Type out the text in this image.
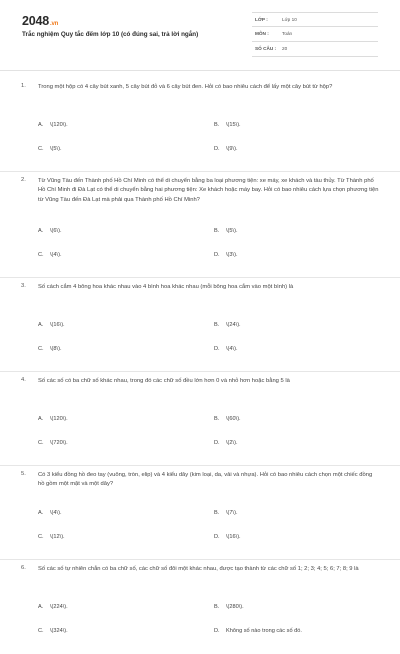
2048.vn
Trắc nghiệm Quy tắc đếm lớp 10 (có đúng sai, trả lời ngắn)
LỚP :	Lớp 10
MÔN :	Toán
SỐ CÂU : 20
1. Trong một hộp có 4 cây bút xanh, 5 cây bút đỏ và 6 cây bút đen. Hỏi có bao nhiêu cách để lấy một cây bút từ hộp?
A. \(120\).	B. \(15\).
C. \(5\).	D. \(9\).
2. Từ Vũng Tàu đến Thành phố Hồ Chí Minh có thể di chuyển bằng ba loại phương tiện: xe máy, xe khách và tàu thủy. Từ Thành phố Hồ Chí Minh đi Đà Lạt có thể di chuyển bằng hai phương tiện: Xe khách hoặc máy bay. Hỏi có bao nhiêu cách lựa chọn phương tiện từ Vũng Tàu đến Đà Lạt mà phải qua Thành phố Hồ Chí Minh?
A. \(6\).	B. \(5\).
C. \(4\).	D. \(3\).
3. Số cách cắm 4 bông hoa khác nhau vào 4 bình hoa khác nhau (mỗi bông hoa cắm vào một bình) là
A. \(16\).	B. \(24\).
C. \(8\).	D. \(4\).
4. Số các số có ba chữ số khác nhau, trong đó các chữ số đều lớn hơn 0 và nhỏ hơn hoặc bằng 5 là
A. \(120\).	B. \(60\).
C. \(720\).	D. \(2\).
5. Có 3 kiểu đồng hồ đeo tay (vuông, tròn, elip) và 4 kiểu dây (kim loại, da, vải và nhựa). Hỏi có bao nhiêu cách chọn một chiếc đồng hồ gồm một mặt và một dây?
A. \(4\).	B. \(7\).
C. \(12\).	D. \(16\).
6. Số các số tự nhiên chẵn có ba chữ số, các chữ số đôi một khác nhau, được tạo thành từ các chữ số 1; 2; 3; 4; 5; 6; 7; 8; 9 là
A. \(224\).	B. \(280\).
C. \(324\).	D. Không số nào trong các số đó.
